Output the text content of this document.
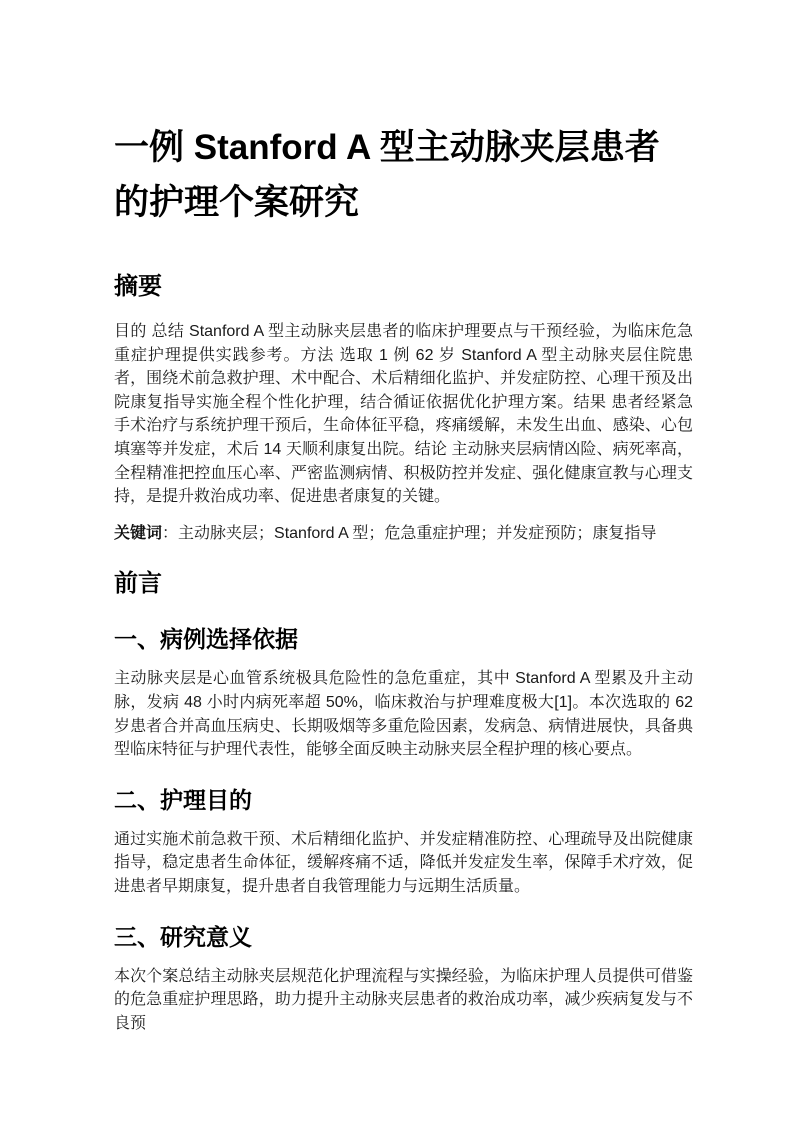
一例 Stanford A 型主动脉夹层患者的护理个案研究
摘要

目的 总结 Stanford A 型主动脉夹层患者的临床护理要点与干预经验，为临床危急重症护理提供实践参考。方法 选取 1 例 62 岁 Stanford A 型主动脉夹层住院患者，围绕术前急救护理、术中配合、术后精细化监护、并发症防控、心理干预及出院康复指导实施全程个性化护理，结合循证依据优化护理方案。结果 患者经紧急手术治疗与系统护理干预后，生命体征平稳，疼痛缓解，未发生出血、感染、心包填塞等并发症，术后 14 天顺利康复出院。结论 主动脉夹层病情凶险、病死率高，全程精准把控血压心率、严密监测病情、积极防控并发症、强化健康宣教与心理支持，是提升救治成功率、促进患者康复的关键。

关键词：主动脉夹层；Stanford A 型；危急重症护理；并发症预防；康复指导

前言
一、病例选择依据

主动脉夹层是心血管系统极具危险性的急危重症，其中 Stanford A 型累及升主动脉，发病 48 小时内病死率超 50%，临床救治与护理难度极大[1]。本次选取的 62 岁患者合并高血压病史、长期吸烟等多重危险因素，发病急、病情进展快，具备典型临床特征与护理代表性，能够全面反映主动脉夹层全程护理的核心要点。

二、护理目的

通过实施术前急救干预、术后精细化监护、并发症精准防控、心理疏导及出院健康指导，稳定患者生命体征，缓解疼痛不适，降低并发症发生率，保障手术疗效，促进患者早期康复，提升患者自我管理能力与远期生活质量。

三、研究意义

本次个案总结主动脉夹层规范化护理流程与实操经验，为临床护理人员提供可借鉴的危急重症护理思路，助力提升主动脉夹层患者的救治成功率，减少疾病复发与不良预
